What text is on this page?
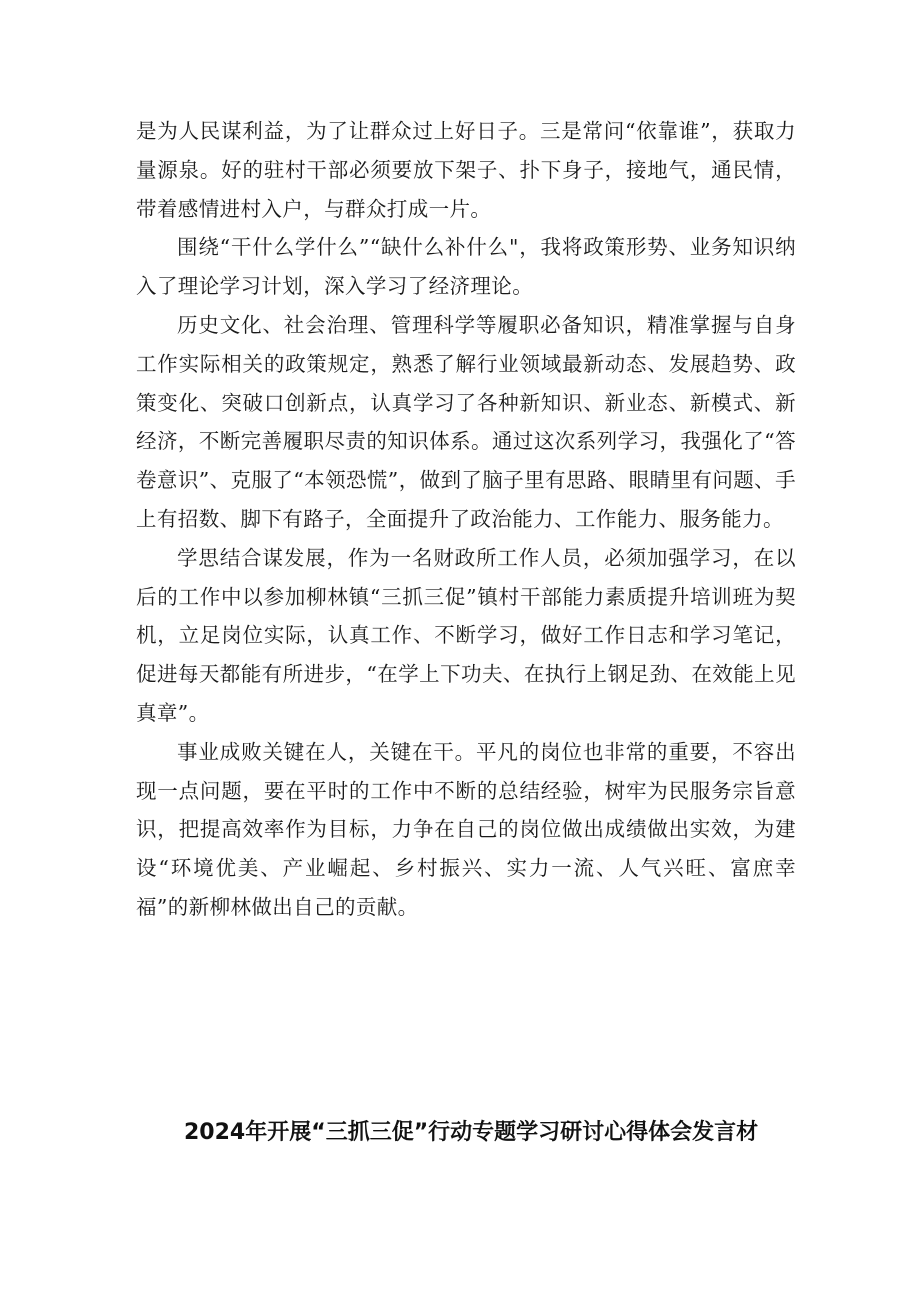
是为人民谋利益，为了让群众过上好日子。三是常问“依靠谁”，获取力量源泉。好的驻村干部必须要放下架子、扑下身子，接地气，通民情，带着感情进村入户，与群众打成一片。

围绕“干什么学什么”“缺什么补什么"，我将政策形势、业务知识纳入了理论学习计划，深入学习了经济理论。

历史文化、社会治理、管理科学等履职必备知识，精准掌握与自身工作实际相关的政策规定，熟悉了解行业领域最新动态、发展趋势、政策变化、突破口创新点，认真学习了各种新知识、新业态、新模式、新经济，不断完善履职尽责的知识体系。通过这次系列学习，我强化了“答卷意识”、克服了“本领恐慌”，做到了脑子里有思路、眼睛里有问题、手上有招数、脚下有路子，全面提升了政治能力、工作能力、服务能力。

学思结合谋发展，作为一名财政所工作人员，必须加强学习，在以后的工作中以参加柳林镇“三抓三促”镇村干部能力素质提升培训班为契机，立足岗位实际，认真工作、不断学习，做好工作日志和学习笔记，促进每天都能有所进步，“在学上下功夫、在执行上钢足劲、在效能上见真章”。

事业成败关键在人，关键在干。平凡的岗位也非常的重要，不容出现一点问题，要在平时的工作中不断的总结经验，树牢为民服务宗旨意识，把提高效率作为目标，力争在自己的岗位做出成绩做出实效，为建设“环境优美、产业崛起、乡村振兴、实力一流、人气兴旺、富庶幸福”的新柳林做出自己的贡献。

2024年开展“三抓三促”行动专题学习研讨心得体会发言材
